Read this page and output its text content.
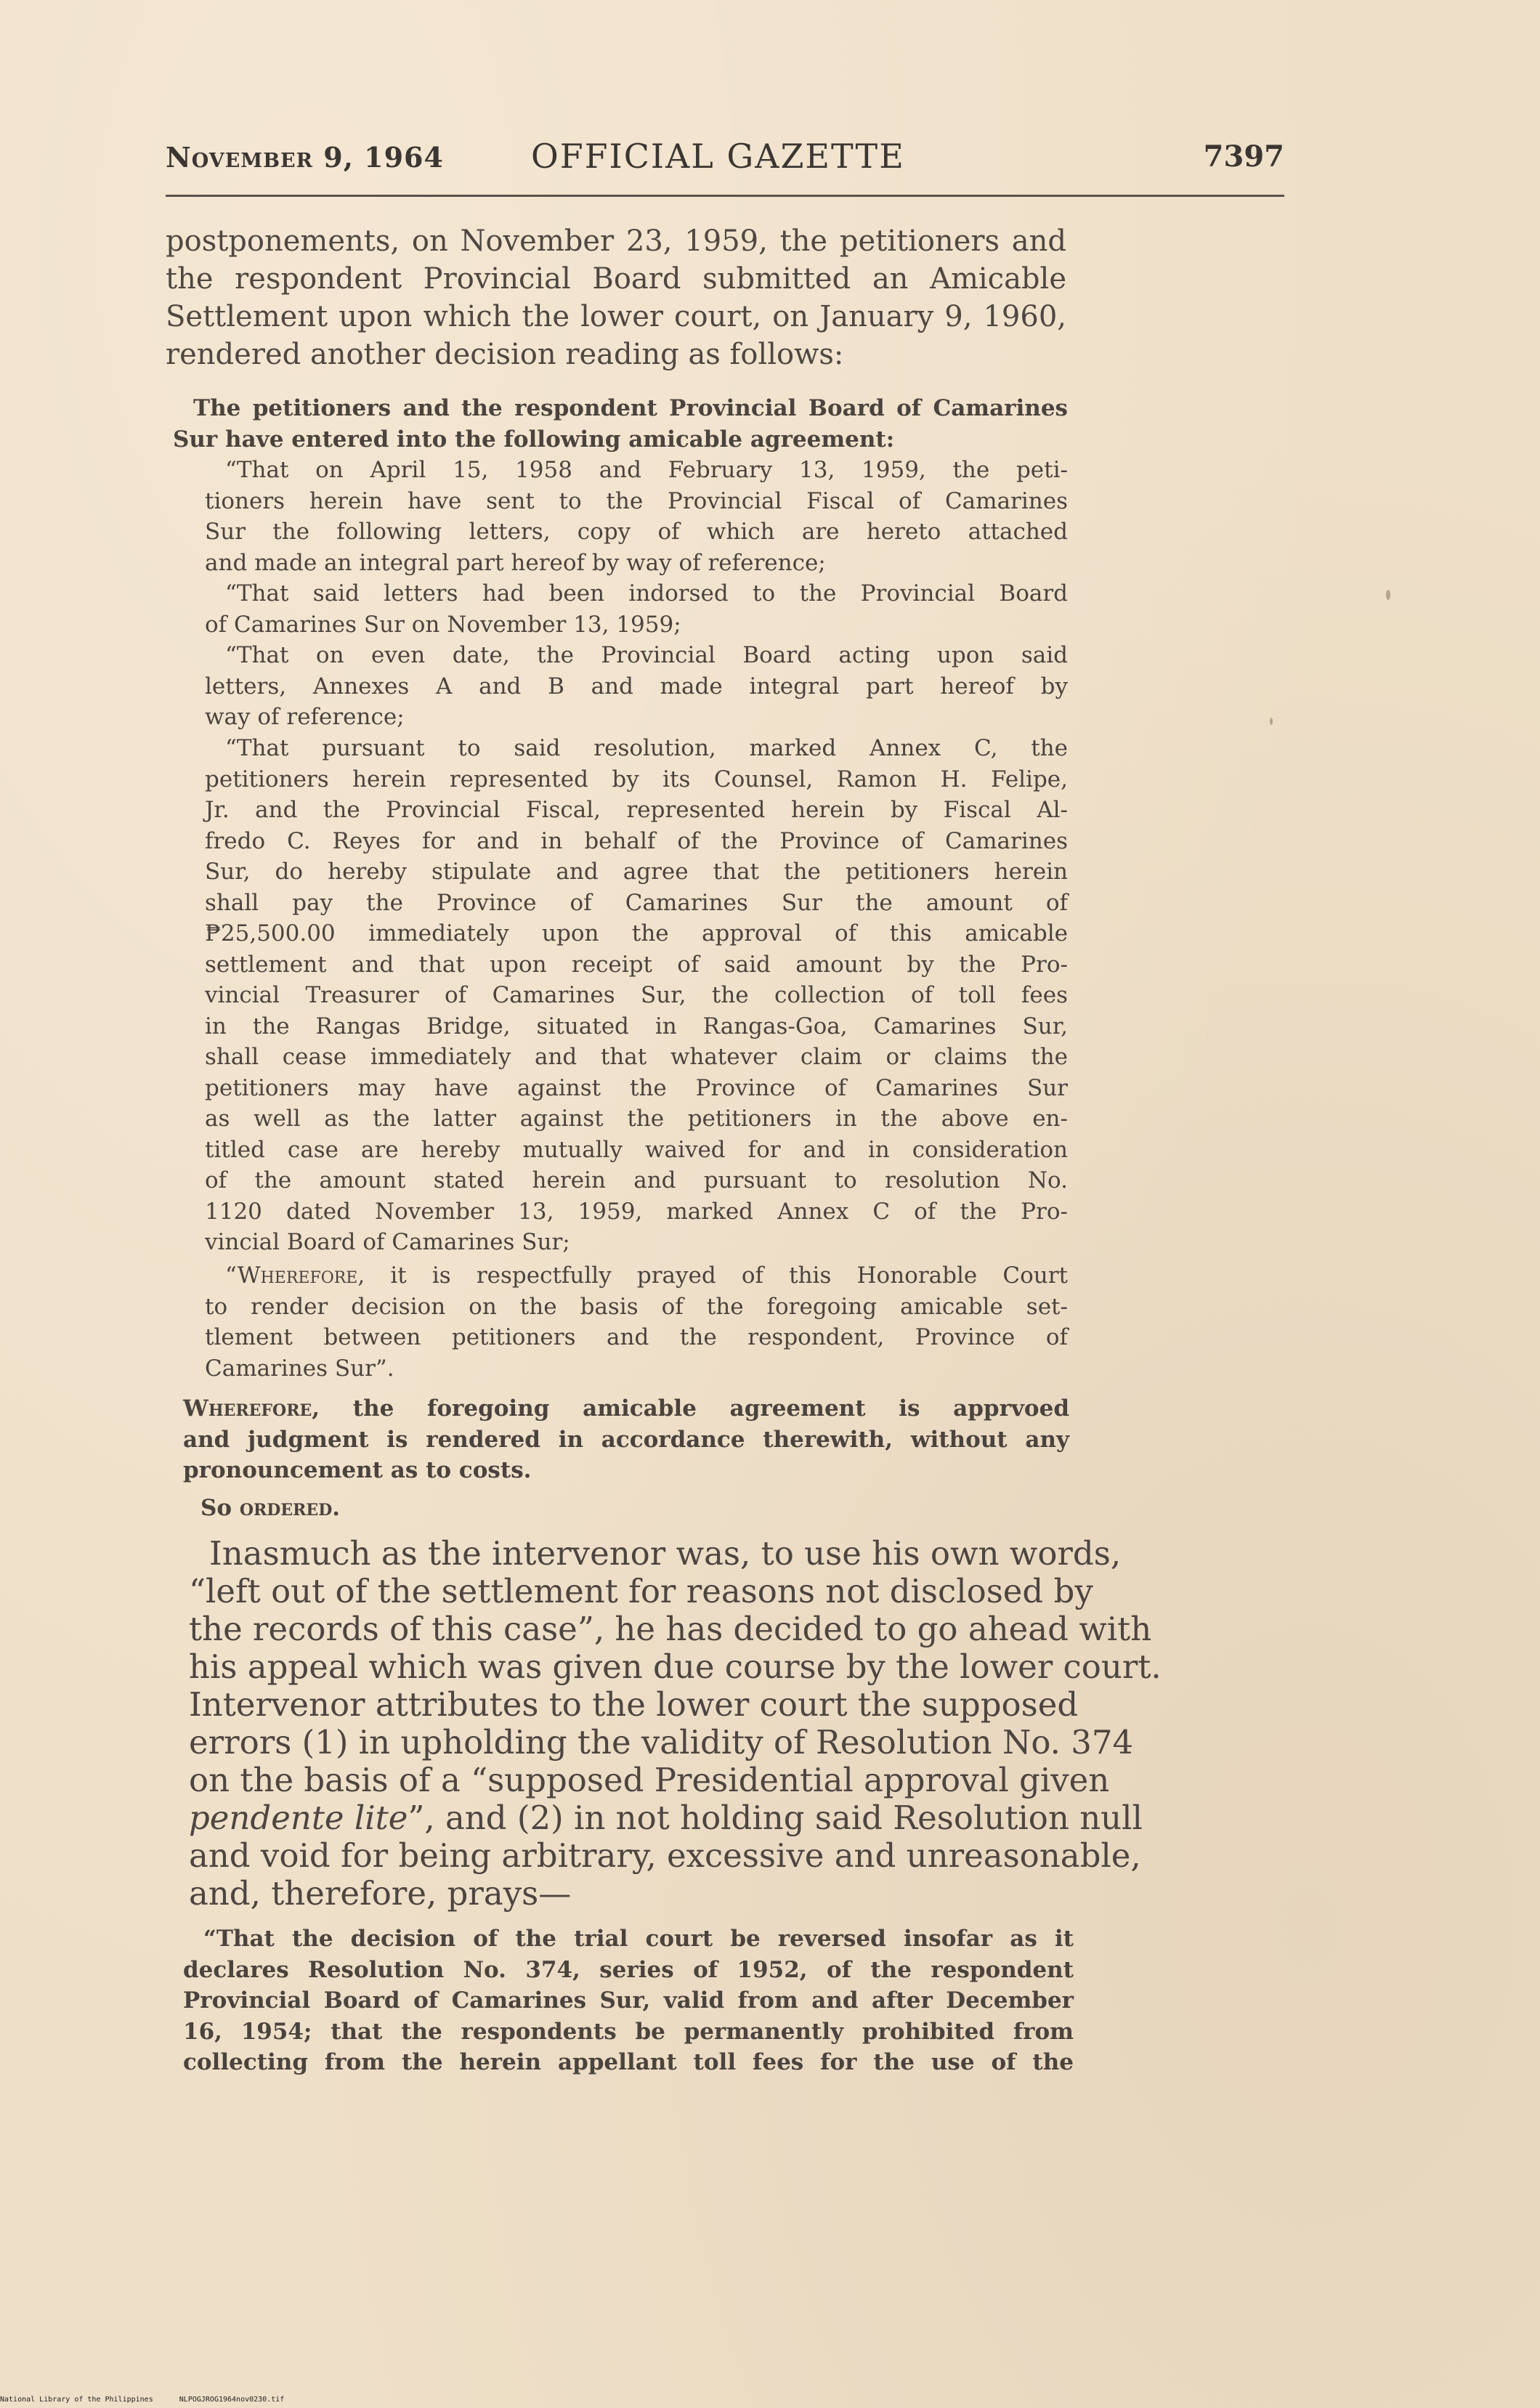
November 9, 1964	OFFICIAL GAZETTE	7397
postponements, on November 23, 1959, the petitioners and
the respondent Provincial Board submitted an Amicable
Settlement upon which the lower court, on January 9, 1960,
rendered another decision reading as follows:
The petitioners and the respondent Provincial Board of Camarines
Sur have entered into the following amicable agreement:
“That on April 15, 1958 and February 13, 1959, the peti-
tioners herein have sent to the Provincial Fiscal of Camarines
Sur the following letters, copy of which are hereto attached
and made an integral part hereof by way of reference;
“That said letters had been indorsed to the Provincial Board
of Camarines Sur on November 13, 1959;
“That on even date, the Provincial Board acting upon said
letters, Annexes A and B and made integral part hereof by
way of reference;
“That pursuant to said resolution, marked Annex C, the
petitioners herein represented by its Counsel, Ramon H. Felipe,
Jr. and the Provincial Fiscal, represented herein by Fiscal Al-
fredo C. Reyes for and in behalf of the Province of Camarines
Sur, do hereby stipulate and agree that the petitioners herein
shall pay the Province of Camarines Sur the amount of
₱25,500.00 immediately upon the approval of this amicable
settlement and that upon receipt of said amount by the Pro-
vincial Treasurer of Camarines Sur, the collection of toll fees
in the Rangas Bridge, situated in Rangas-Goa, Camarines Sur,
shall cease immediately and that whatever claim or claims the
petitioners may have against the Province of Camarines Sur
as well as the latter against the petitioners in the above en-
titled case are hereby mutually waived for and in consideration
of the amount stated herein and pursuant to resolution No.
1120 dated November 13, 1959, marked Annex C of the Pro-
vincial Board of Camarines Sur;
“Wherefore, it is respectfully prayed of this Honorable Court
to render decision on the basis of the foregoing amicable set-
tlement between petitioners and the respondent, Province of
Camarines Sur”.
Wherefore, the foregoing amicable agreement is apprvoed
and judgment is rendered in accordance therewith, without any
pronouncement as to costs.
So ordered.
Inasmuch as the intervenor was, to use his own words,
“left out of the settlement for reasons not disclosed by
the records of this case”, he has decided to go ahead with
his appeal which was given due course by the lower court.
Intervenor attributes to the lower court the supposed
errors (1) in upholding the validity of Resolution No. 374
on the basis of a “supposed Presidential approval given
pendente lite”, and (2) in not holding said Resolution null
and void for being arbitrary, excessive and unreasonable,
and, therefore, prays—
“That the decision of the trial court be reversed insofar as it
declares Resolution No. 374, series of 1952, of the respondent
Provincial Board of Camarines Sur, valid from and after December
16, 1954; that the respondents be permanently prohibited from
collecting from the herein appellant toll fees for the use of the
National Library of the Philippines	NLPOGJROG1964nov0230.tif
